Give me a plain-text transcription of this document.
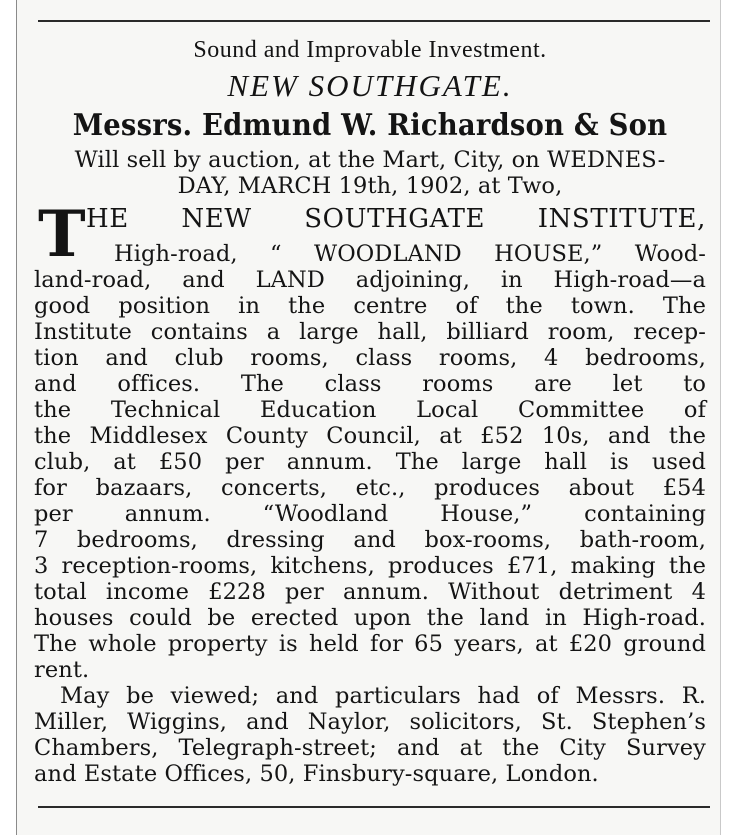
Sound and Improvable Investment.
NEW SOUTHGATE.
Messrs. Edmund W. Richardson & Son
Will sell by auction, at the Mart, City, on WEDNES-
DAY, MARCH 19th, 1902, at Two,
T HE NEW SOUTHGATE INSTITUTE,
High-road, “ WOODLAND HOUSE,” Wood-
land-road, and LAND adjoining, in High-road—a
good position in the centre of the town. The
Institute contains a large hall, billiard room, recep-
tion and club rooms, class rooms, 4 bedrooms,
and offices. The class rooms are let to
the Technical Education Local Committee of
the Middlesex County Council, at £52 10s, and the
club, at £50 per annum. The large hall is used
for bazaars, concerts, etc., produces about £54
per annum. “Woodland House,” containing
7 bedrooms, dressing and box-rooms, bath-room,
3 reception-rooms, kitchens, produces £71, making the
total income £228 per annum. Without detriment 4
houses could be erected upon the land in High-road.
The whole property is held for 65 years, at £20 ground
rent.
May be viewed; and particulars had of Messrs. R.
Miller, Wiggins, and Naylor, solicitors, St. Stephen’s
Chambers, Telegraph-street; and at the City Survey
and Estate Offices, 50, Finsbury-square, London.
